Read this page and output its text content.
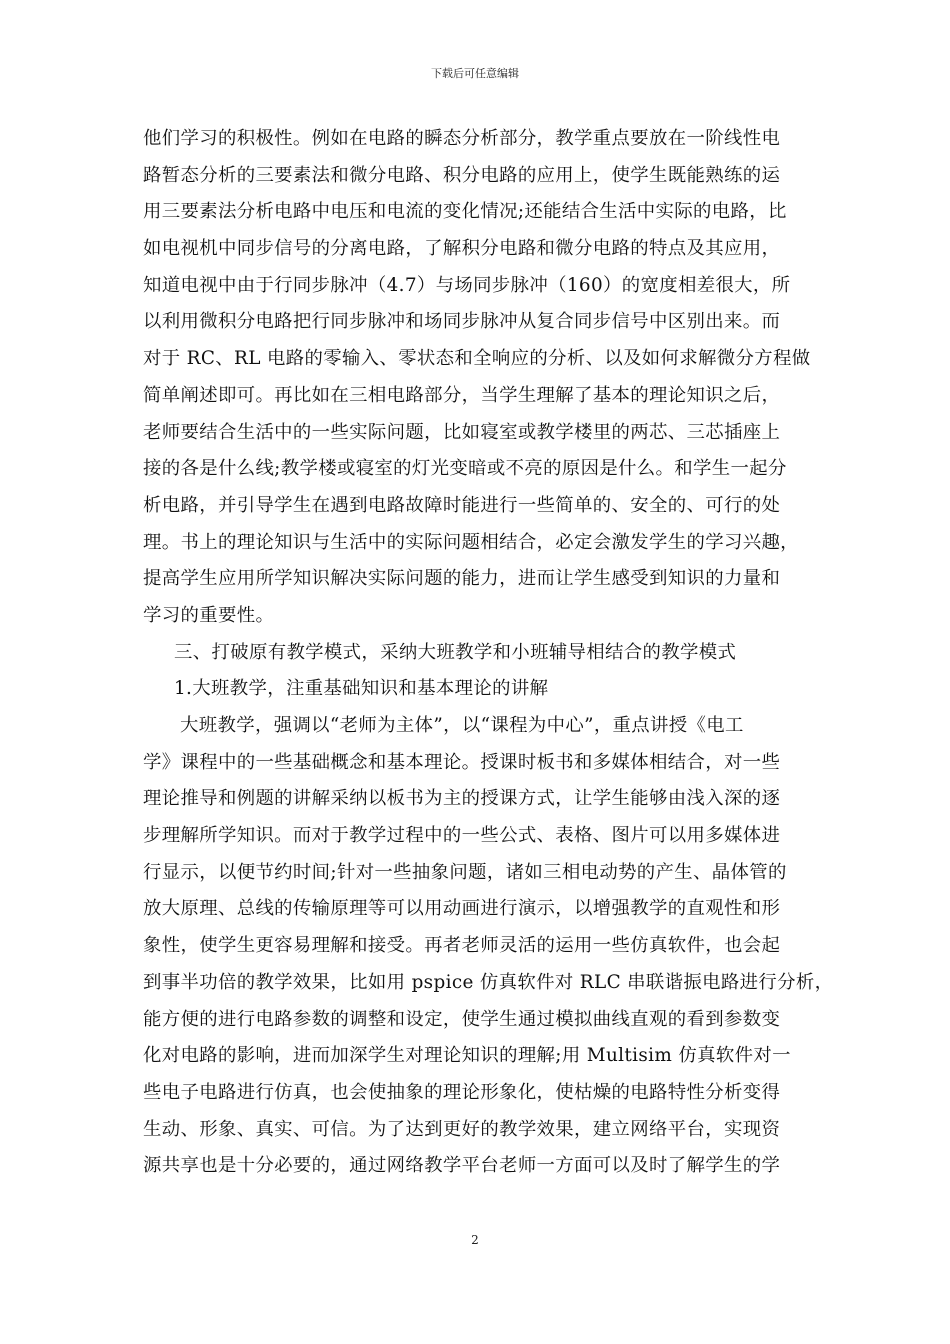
下载后可任意编辑
他们学习的积极性。例如在电路的瞬态分析部分，教学重点要放在一阶线性电
路暂态分析的三要素法和微分电路、积分电路的应用上，使学生既能熟练的运
用三要素法分析电路中电压和电流的变化情况;还能结合生活中实际的电路，比
如电视机中同步信号的分离电路，了解积分电路和微分电路的特点及其应用，
知道电视中由于行同步脉冲（4.7）与场同步脉冲（160）的宽度相差很大，所
以利用微积分电路把行同步脉冲和场同步脉冲从复合同步信号中区别出来。而
对于 RC、RL 电路的零输入、零状态和全响应的分析、以及如何求解微分方程做
简单阐述即可。再比如在三相电路部分，当学生理解了基本的理论知识之后，
老师要结合生活中的一些实际问题，比如寝室或教学楼里的两芯、三芯插座上
接的各是什么线;教学楼或寝室的灯光变暗或不亮的原因是什么。和学生一起分
析电路，并引导学生在遇到电路故障时能进行一些简单的、安全的、可行的处
理。书上的理论知识与生活中的实际问题相结合，必定会激发学生的学习兴趣，
提高学生应用所学知识解决实际问题的能力，进而让学生感受到知识的力量和
学习的重要性。
三、打破原有教学模式，采纳大班教学和小班辅导相结合的教学模式
1.大班教学，注重基础知识和基本理论的讲解
大班教学，强调以“老师为主体”，以“课程为中心”，重点讲授《电工
学》课程中的一些基础概念和基本理论。授课时板书和多媒体相结合，对一些
理论推导和例题的讲解采纳以板书为主的授课方式，让学生能够由浅入深的逐
步理解所学知识。而对于教学过程中的一些公式、表格、图片可以用多媒体进
行显示，以便节约时间;针对一些抽象问题，诸如三相电动势的产生、晶体管的
放大原理、总线的传输原理等可以用动画进行演示，以增强教学的直观性和形
象性，使学生更容易理解和接受。再者老师灵活的运用一些仿真软件，也会起
到事半功倍的教学效果，比如用 pspice 仿真软件对 RLC 串联谐振电路进行分析，
能方便的进行电路参数的调整和设定，使学生通过模拟曲线直观的看到参数变
化对电路的影响，进而加深学生对理论知识的理解;用 Multisim 仿真软件对一
些电子电路进行仿真，也会使抽象的理论形象化，使枯燥的电路特性分析变得
生动、形象、真实、可信。为了达到更好的教学效果，建立网络平台，实现资
源共享也是十分必要的，通过网络教学平台老师一方面可以及时了解学生的学
2
